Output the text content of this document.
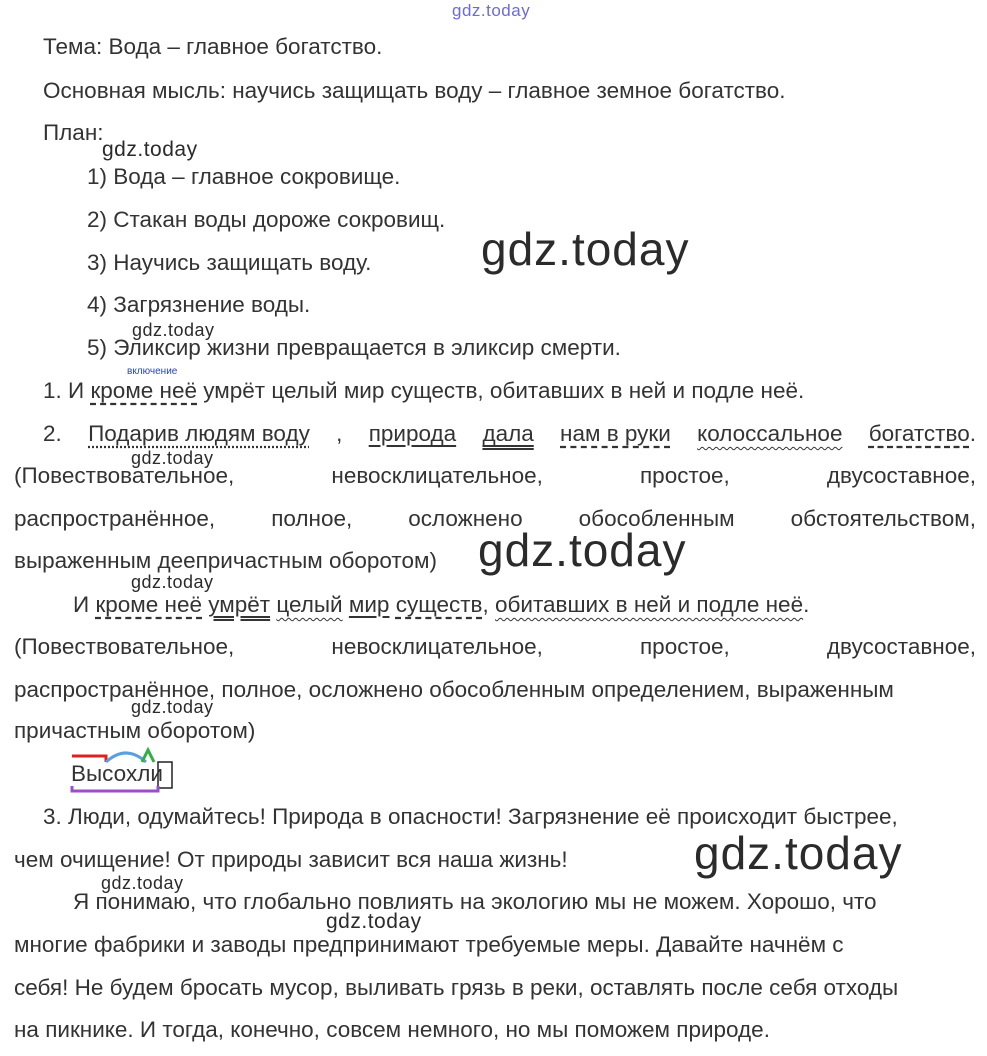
gdz.today
Тема: Вода – главное богатство.
Основная мысль: научись защищать воду – главное земное богатство.
План:
gdz.today
1) Вода – главное сокровище.
2) Стакан воды дороже сокровищ.
3) Научись защищать воду.
4) Загрязнение воды.
5) Эликсир жизни превращается в эликсир смерти.
gdz.today
gdz.today
включение
1. И кроме неё умрёт целый мир существ, обитавших в ней и подле неё.
2. Подарив людям воду , природа дала нам в руки колоссальное богатство.
gdz.today
(Повествовательное,	невосклицательное,	простое,	двусоставное,
распространённое, полное, осложнено обособленным обстоятельством,
выраженным деепричастным оборотом) gdz.today
gdz.today
И кроме неё умрёт целый мир существ, обитавших в ней и подле неё.
(Повествовательное,	невосклицательное,	простое,	двусоставное,
распространённое, полное, осложнено обособленным определением, выраженным
gdz.today
причастным оборотом)
Высохли
3. Люди, одумайтесь! Природа в опасности! Загрязнение её происходит быстрее,
чем очищение! От природы зависит вся наша жизнь!	gdz.today
gdz.today
Я понимаю, что глобально повлиять на экологию мы не можем. Хорошо, что
gdz.today
многие фабрики и заводы предпринимают требуемые меры. Давайте начнём с
себя! Не будем бросать мусор, выливать грязь в реки, оставлять после себя отходы
на пикнике. И тогда, конечно, совсем немного, но мы поможем природе.
